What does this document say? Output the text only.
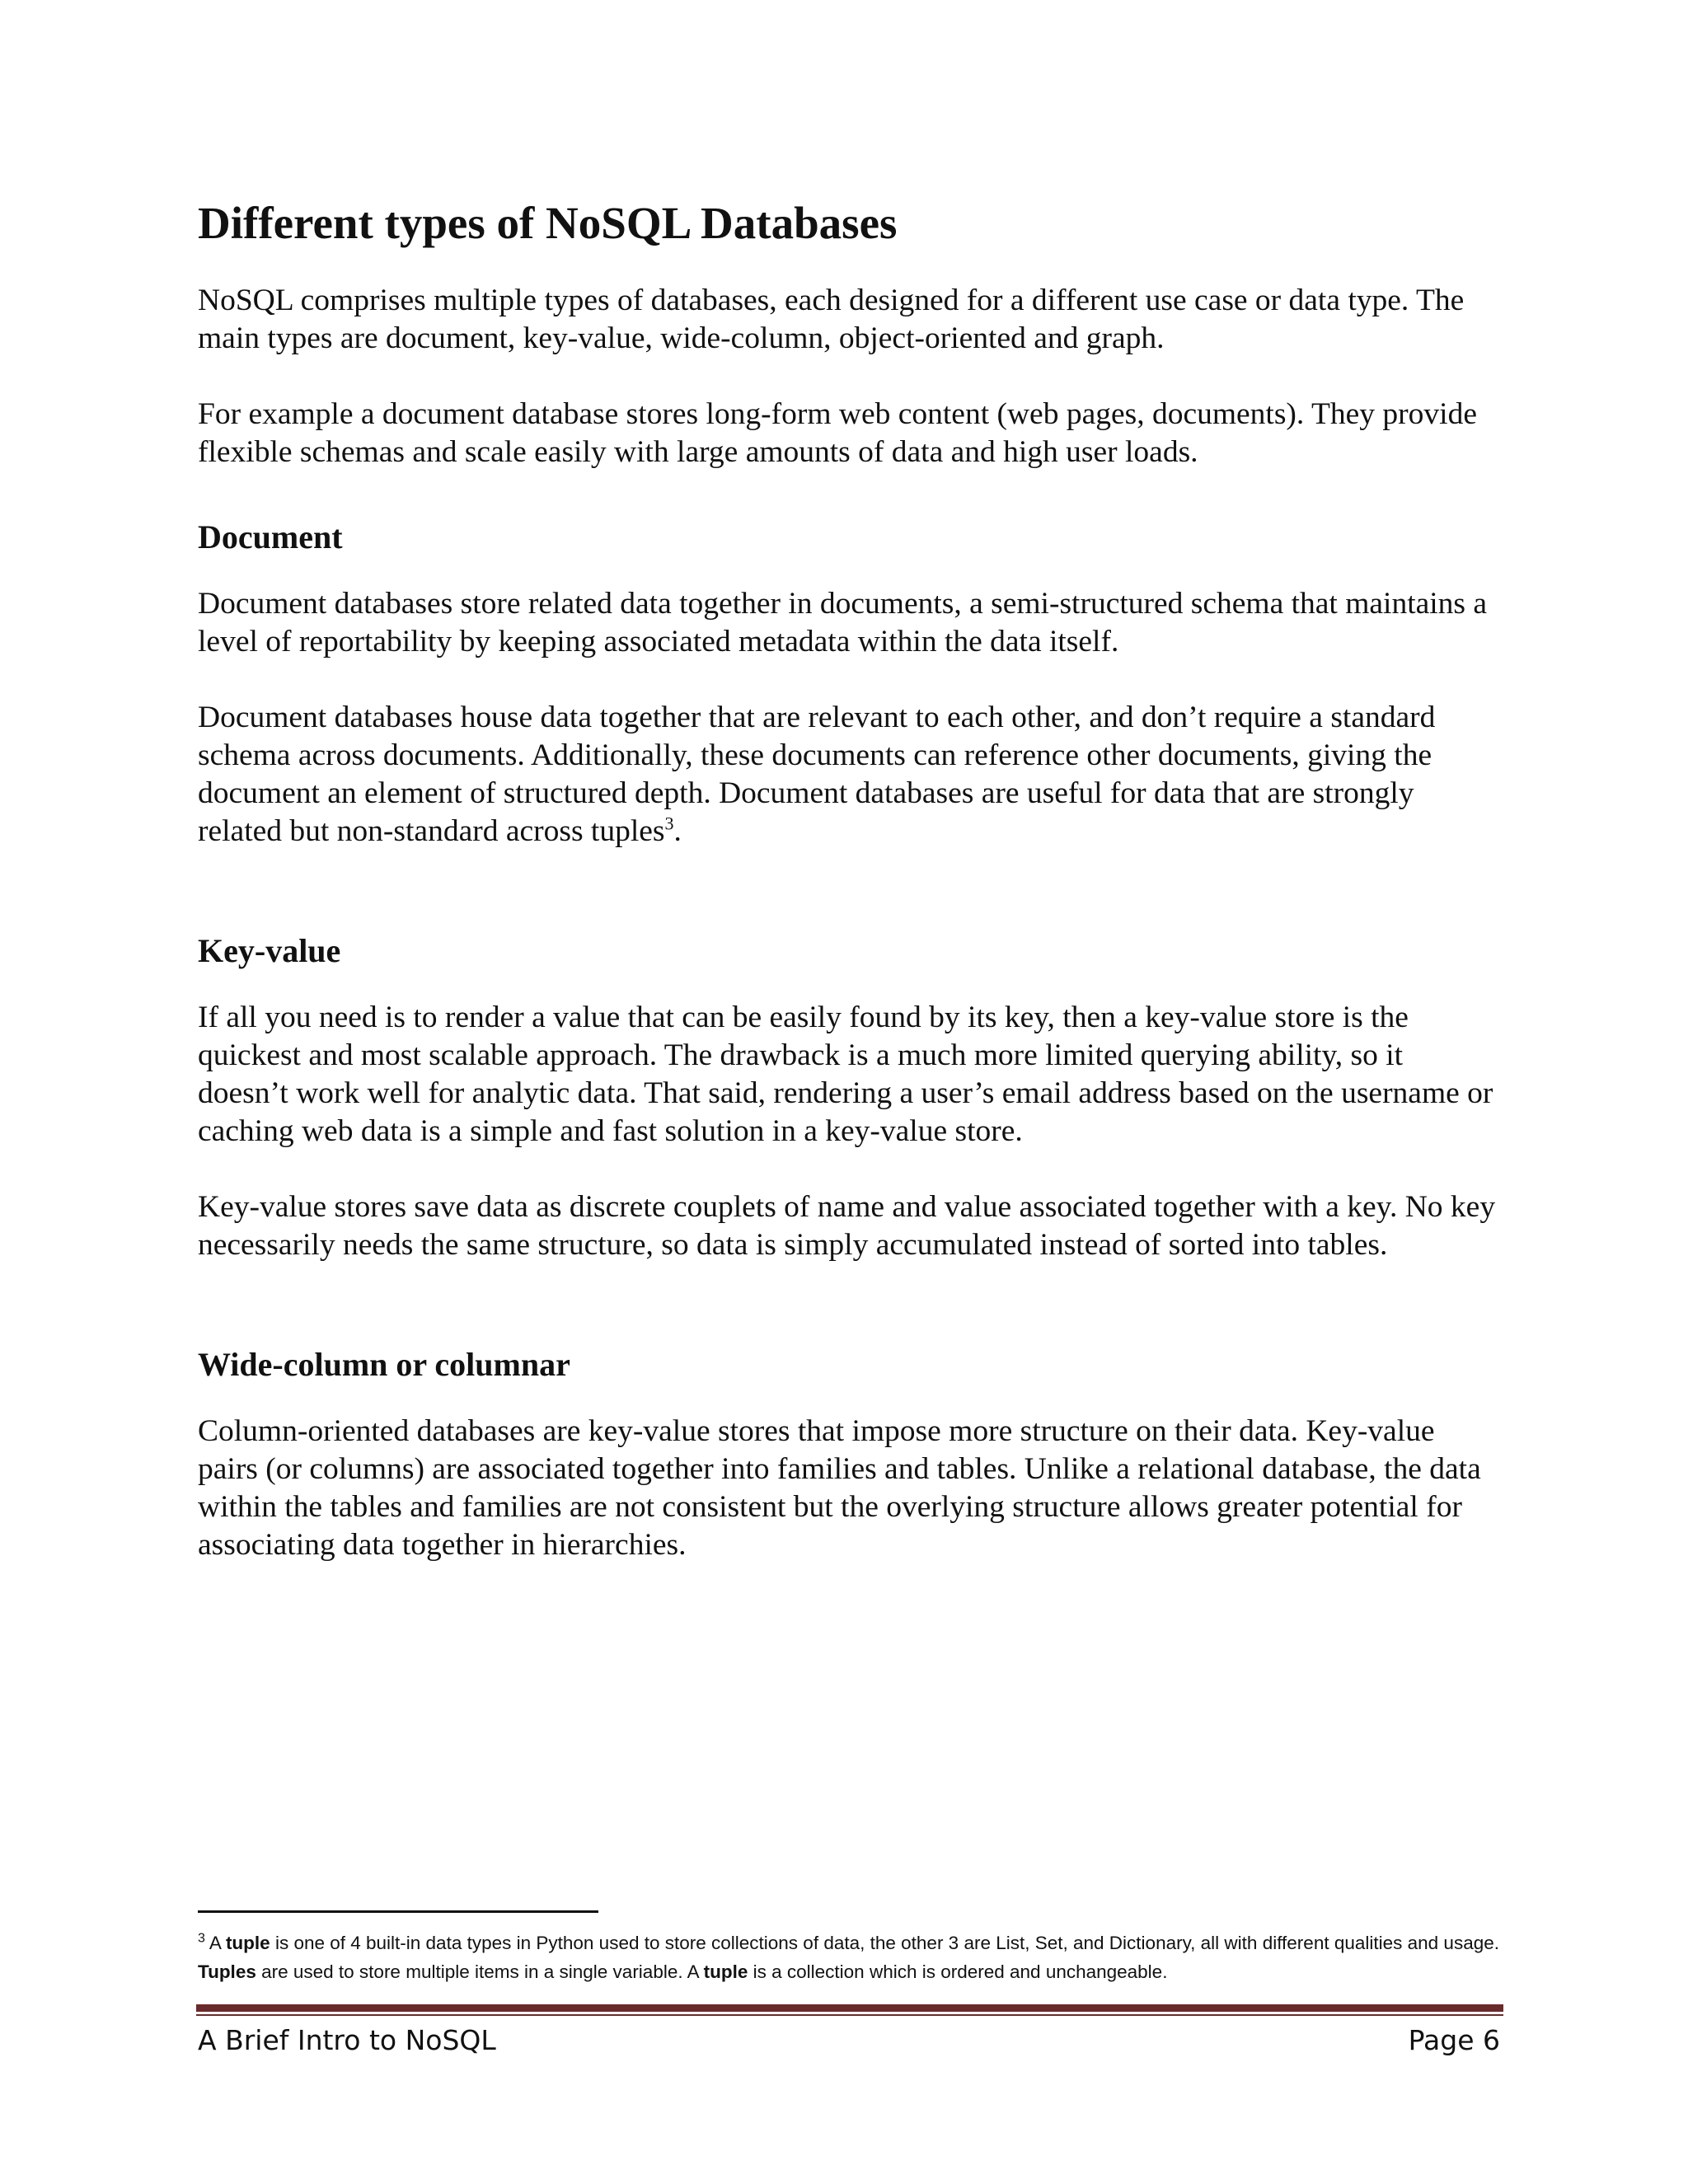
Different types of NoSQL Databases

NoSQL comprises multiple types of databases, each designed for a different use case or data type. The main types are document, key-value, wide-column, object-oriented and graph.

For example a document database stores long-form web content (web pages, documents). They provide flexible schemas and scale easily with large amounts of data and high user loads.

Document

Document databases store related data together in documents, a semi-structured schema that maintains a level of reportability by keeping associated metadata within the data itself.

Document databases house data together that are relevant to each other, and don’t require a standard schema across documents. Additionally, these documents can reference other documents, giving the document an element of structured depth. Document databases are useful for data that are strongly related but non-standard across tuples$^3$.

Key-value

If all you need is to render a value that can be easily found by its key, then a key-value store is the quickest and most scalable approach. The drawback is a much more limited querying ability, so it doesn’t work well for analytic data. That said, rendering a user’s email address based on the username or caching web data is a simple and fast solution in a key-value store.

Key-value stores save data as discrete couplets of name and value associated together with a key. No key necessarily needs the same structure, so data is simply accumulated instead of sorted into tables.

Wide-column or columnar

Column-oriented databases are key-value stores that impose more structure on their data. Key-value pairs (or columns) are associated together into families and tables. Unlike a relational database, the data within the tables and families are not consistent but the overlying structure allows greater potential for associating data together in hierarchies.

$^3$ A tuple is one of 4 built-in data types in Python used to store collections of data, the other 3 are List, Set, and Dictionary, all with different qualities and usage. Tuples are used to store multiple items in a single variable. A tuple is a collection which is ordered and unchangeable.
A Brief Intro to NoSQL	Page 6
